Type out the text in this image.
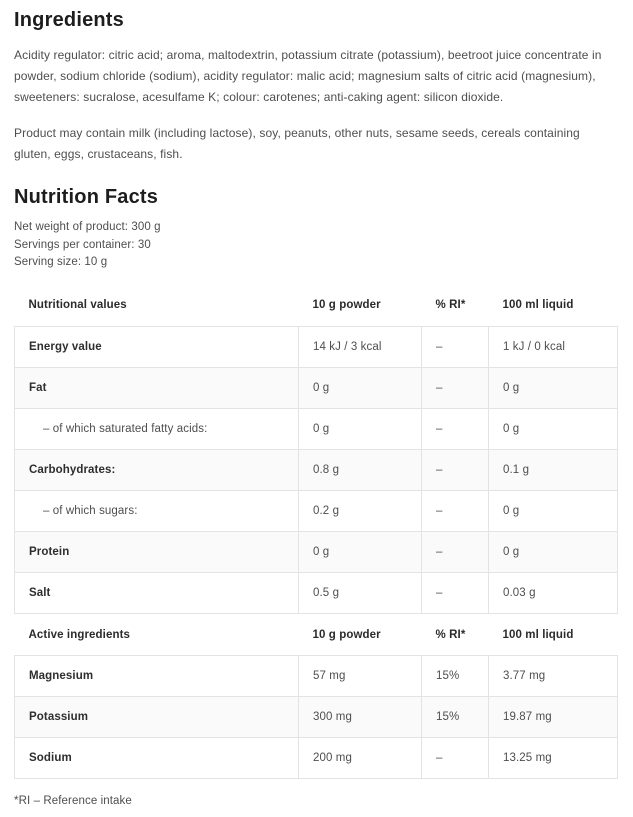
Ingredients

Acidity regulator: citric acid; aroma, maltodextrin, potassium citrate (potassium), beetroot juice concentrate in powder, sodium chloride (sodium), acidity regulator: malic acid; magnesium salts of citric acid (magnesium), sweeteners: sucralose, acesulfame K; colour: carotenes; anti-caking agent: silicon dioxide.

Product may contain milk (including lactose), soy, peanuts, other nuts, sesame seeds, cereals containing gluten, eggs, crustaceans, fish.

Nutrition Facts

Net weight of product: 300 g

Servings per container: 30

Serving size: 10 g

Nutritional values	10 g powder	% RI*	100 ml liquid
Energy value	14 kJ / 3 kcal	–	1 kJ / 0 kcal
Fat	0 g	–	0 g
– of which saturated fatty acids:	0 g	–	0 g
Carbohydrates:	0.8 g	–	0.1 g
– of which sugars:	0.2 g	–	0 g
Protein	0 g	–	0 g
Salt	0.5 g	–	0.03 g
Active ingredients	10 g powder	% RI*	100 ml liquid
Magnesium	57 mg	15%	3.77 mg
Potassium	300 mg	15%	19.87 mg
Sodium	200 mg	–	13.25 mg

*RI – Reference intake
